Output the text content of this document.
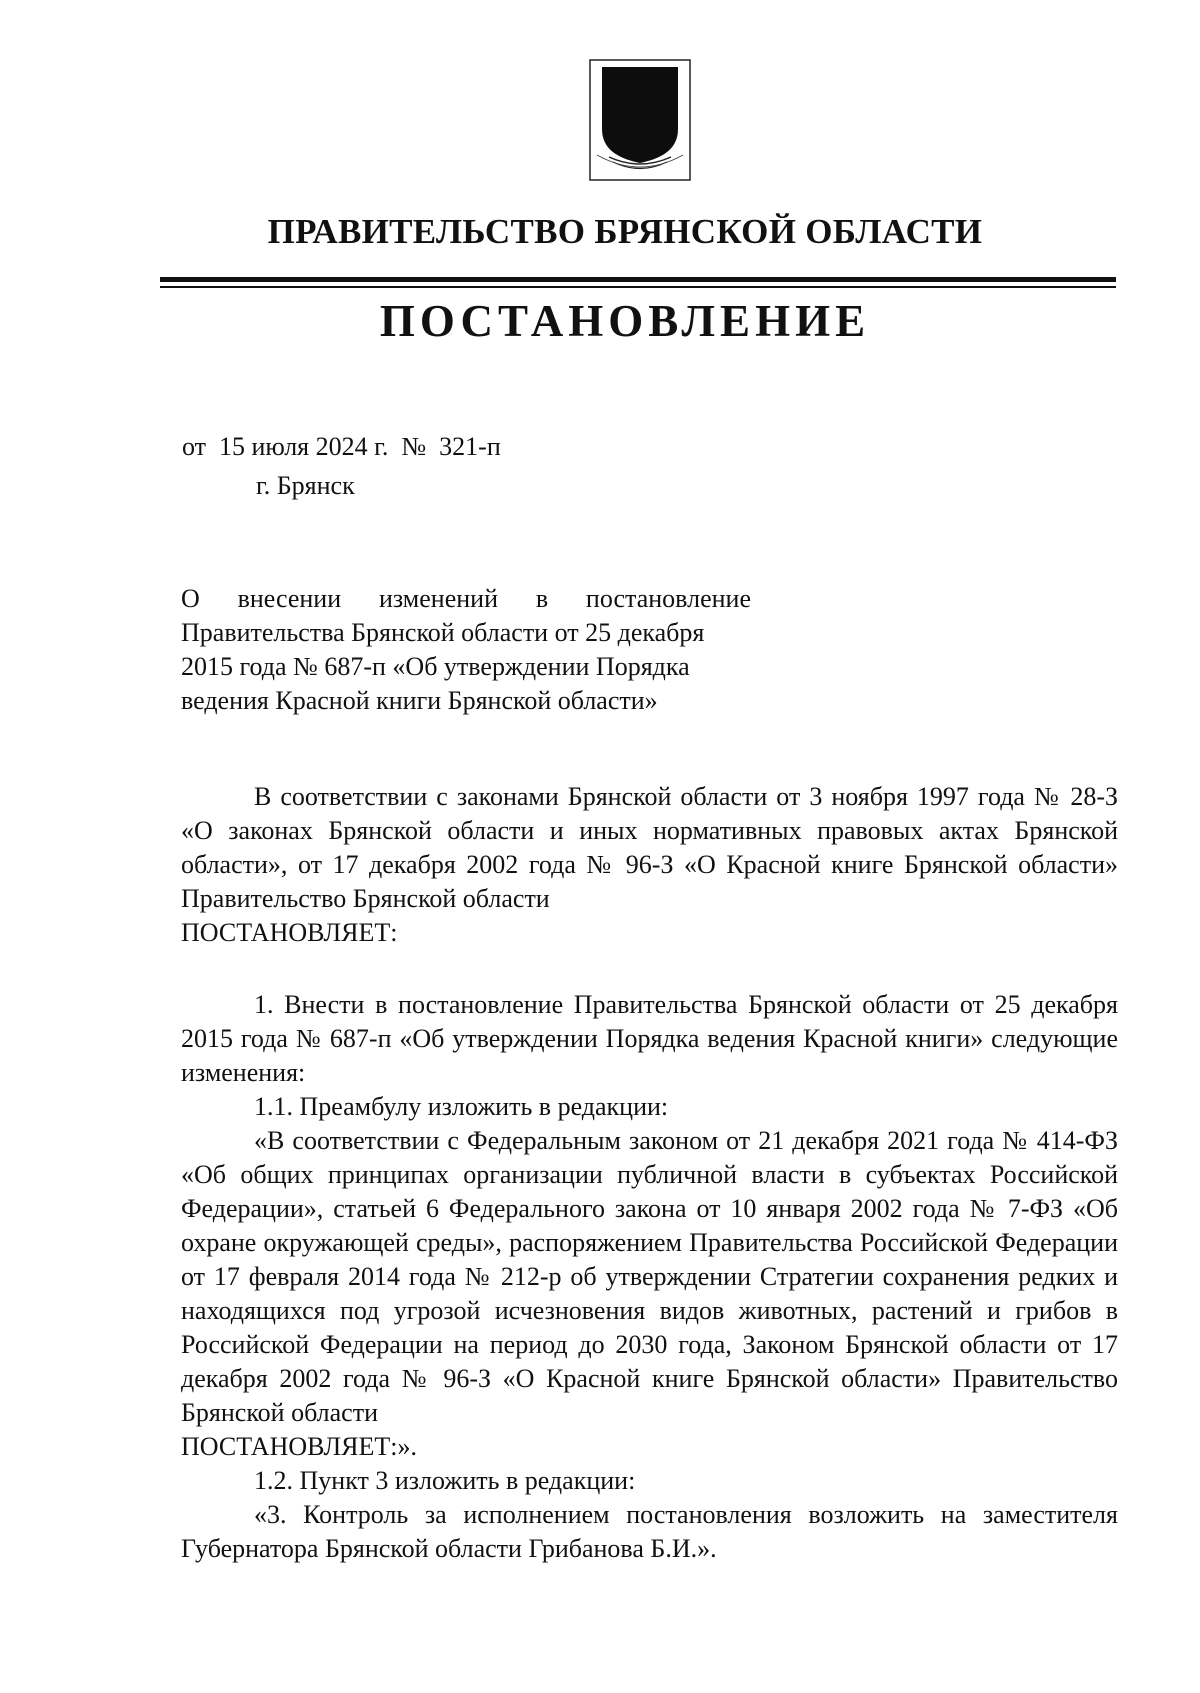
ПРАВИТЕЛЬСТВО БРЯНСКОЙ ОБЛАСТИ
ПОСТАНОВЛЕНИЕ
от  15 июля 2024 г.  №  321-п
г. Брянск
О внесении изменений в постановление
Правительства Брянской области от 25 декабря
2015 года № 687-п «Об утверждении Порядка
ведения Красной книги Брянской области»

В соответствии с законами Брянской области от 3 ноября 1997 года № 28-З «О законах Брянской области и иных нормативных правовых актах Брянской области», от 17 декабря 2002 года № 96-З «О Красной книге Брянской области» Правительство Брянской области

ПОСТАНОВЛЯЕТ:

1. Внести в постановление Правительства Брянской области от 25 декабря 2015 года № 687-п «Об утверждении Порядка ведения Красной книги» следующие изменения:

1.1. Преамбулу изложить в редакции:

«В соответствии с Федеральным законом от 21 декабря 2021 года № 414-ФЗ «Об общих принципах организации публичной власти в субъектах Российской Федерации», статьей 6 Федерального закона от 10 января 2002 года № 7-ФЗ «Об охране окружающей среды», распоряжением Правительства Российской Федерации от 17 февраля 2014 года № 212-р об утверждении Стратегии сохранения редких и находящихся под угрозой исчезновения видов животных, растений и грибов в Российской Федерации на период до 2030 года, Законом Брянской области от 17 декабря 2002 года № 96-З «О Красной книге Брянской области» Правительство Брянской области

ПОСТАНОВЛЯЕТ:».

1.2. Пункт 3 изложить в редакции:

«3. Контроль за исполнением постановления возложить на заместителя Губернатора Брянской области Грибанова Б.И.».
